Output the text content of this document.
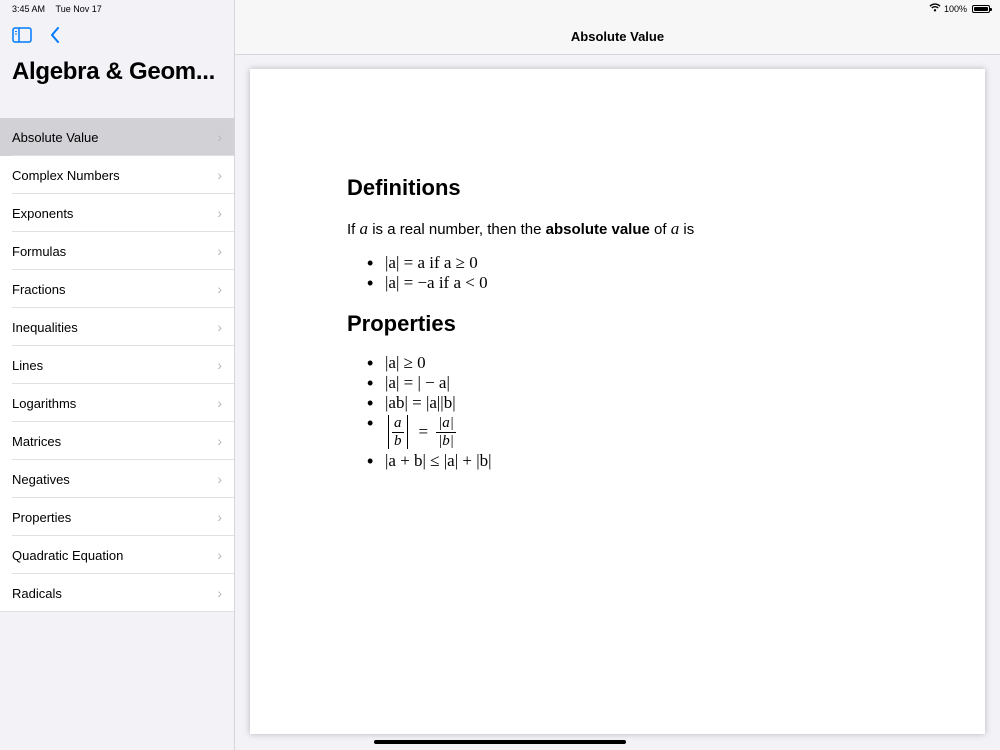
Algebra & Geom...
Absolute Value	›
Complex Numbers	›
Exponents	›
Formulas	›
Fractions	›
Inequalities	›
Lines	›
Logarithms	›
Matrices	›
Negatives	›
Properties	›
Quadratic Equation	›
Radicals	›
3:45 AM Tue Nov 17
Absolute Value
Definitions

If a is a real number, then the absolute value of a is

• |a| = a if a ≥ 0
• |a| = −a if a < 0
Properties
• |a| ≥ 0
• |a| = | − a|
• |ab| = |a||b|
• $\frac{a}{b} = \frac{|a|}{|b|}$
• |a + b| ≤ |a| + |b|
100%
